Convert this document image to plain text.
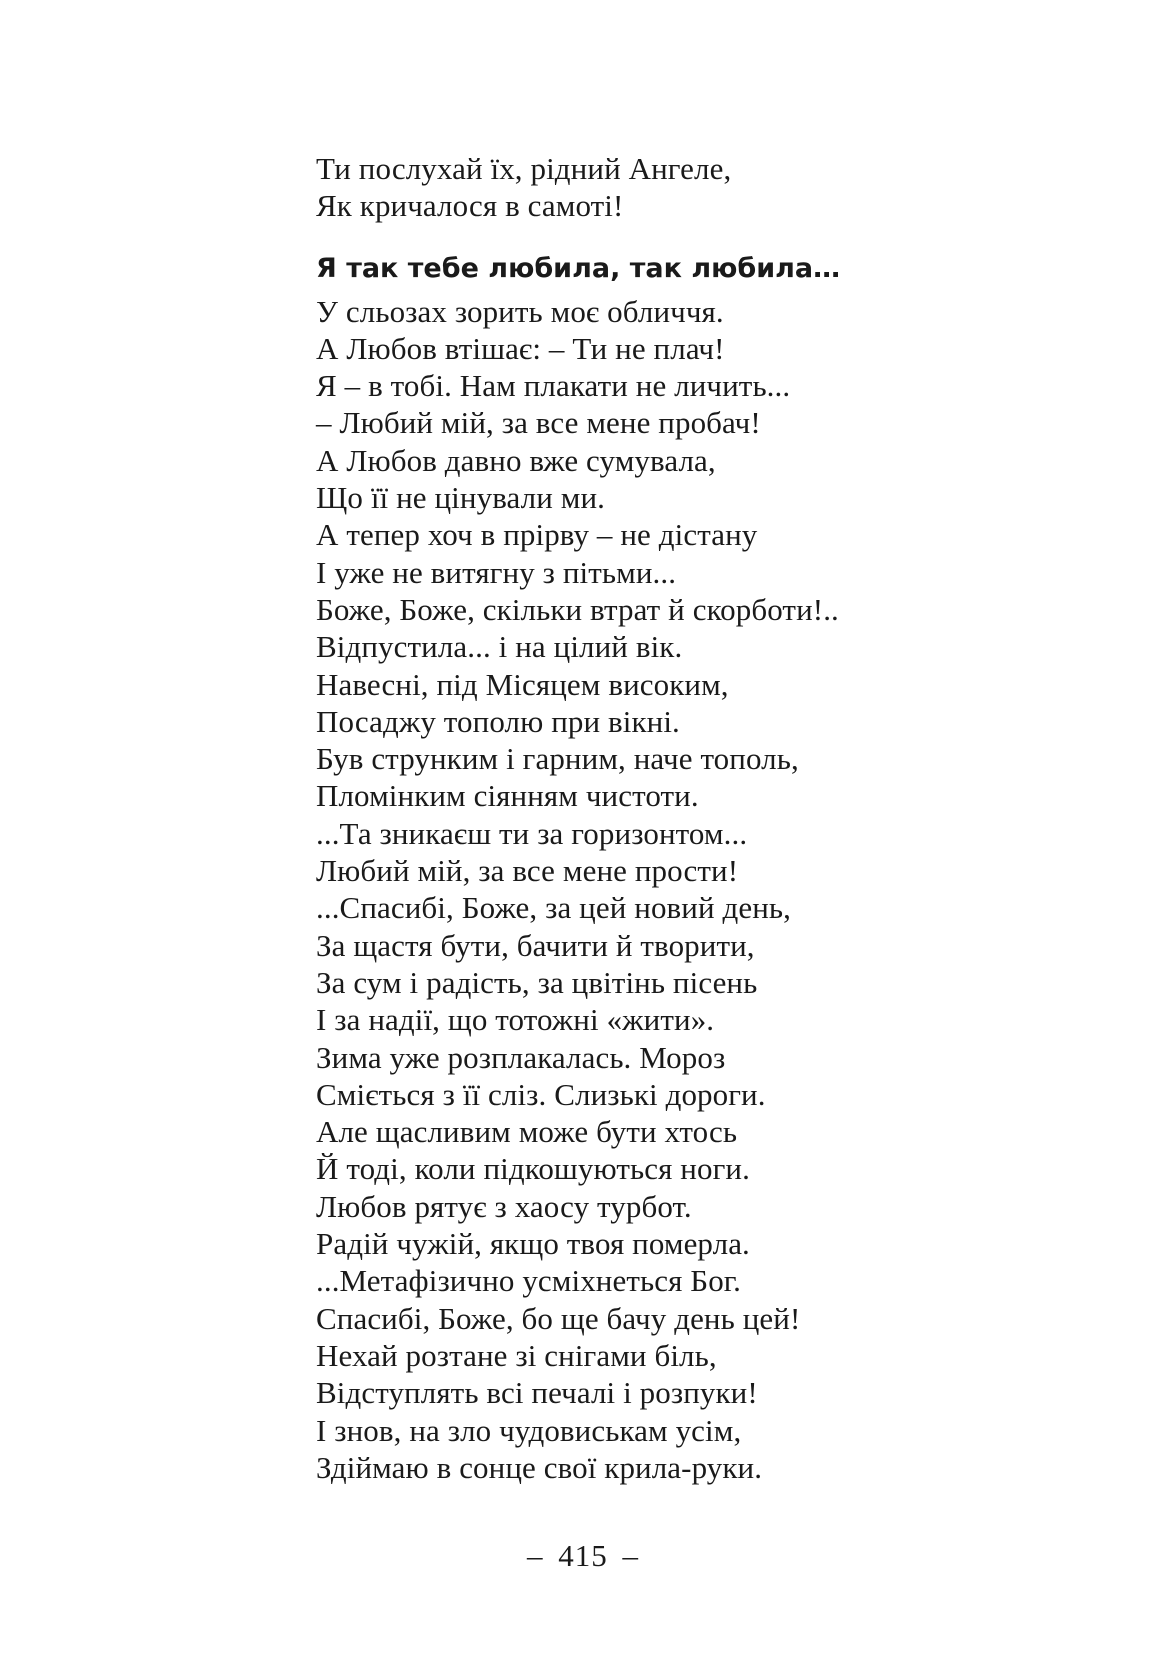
Ти послухай їх, рідний Ангеле,
Як кричалося в самоті!
Я так тебе любила, так любила…
У сльозах зорить моє обличчя.
А Любов втішає: – Ти не плач!
Я – в тобі. Нам плакати не личить...
– Любий мій, за все мене пробач!
А Любов давно вже сумувала,
Що її не цінували ми.
А тепер хоч в прірву – не дістану
І уже не витягну з пітьми...
Боже, Боже, скільки втрат й скорботи!..
Відпустила... і на цілий вік.
Навесні, під Місяцем високим,
Посаджу тополю при вікні.
Був струнким і гарним, наче тополь,
Пломінким сіянням чистоти.
...Та зникаєш ти за горизонтом...
Любий мій, за все мене прости!
...Спасибі, Боже, за цей новий день,
За щастя бути, бачити й творити,
За сум і радість, за цвітінь пісень
І за надії, що тотожні «жити».
Зима уже розплакалась. Мороз
Сміється з її сліз. Слизькі дороги.
Але щасливим може бути хтось
Й тоді, коли підкошуються ноги.
Любов рятує з хаосу турбот.
Радій чужій, якщо твоя померла.
...Метафізично усміхнеться Бог.
Спасибі, Боже, бо ще бачу день цей!
Нехай розтане зі снігами біль,
Відступлять всі печалі і розпуки!
І знов, на зло чудовиськам усім,
Здіймаю в сонце свої крила-руки.
– 415 –
